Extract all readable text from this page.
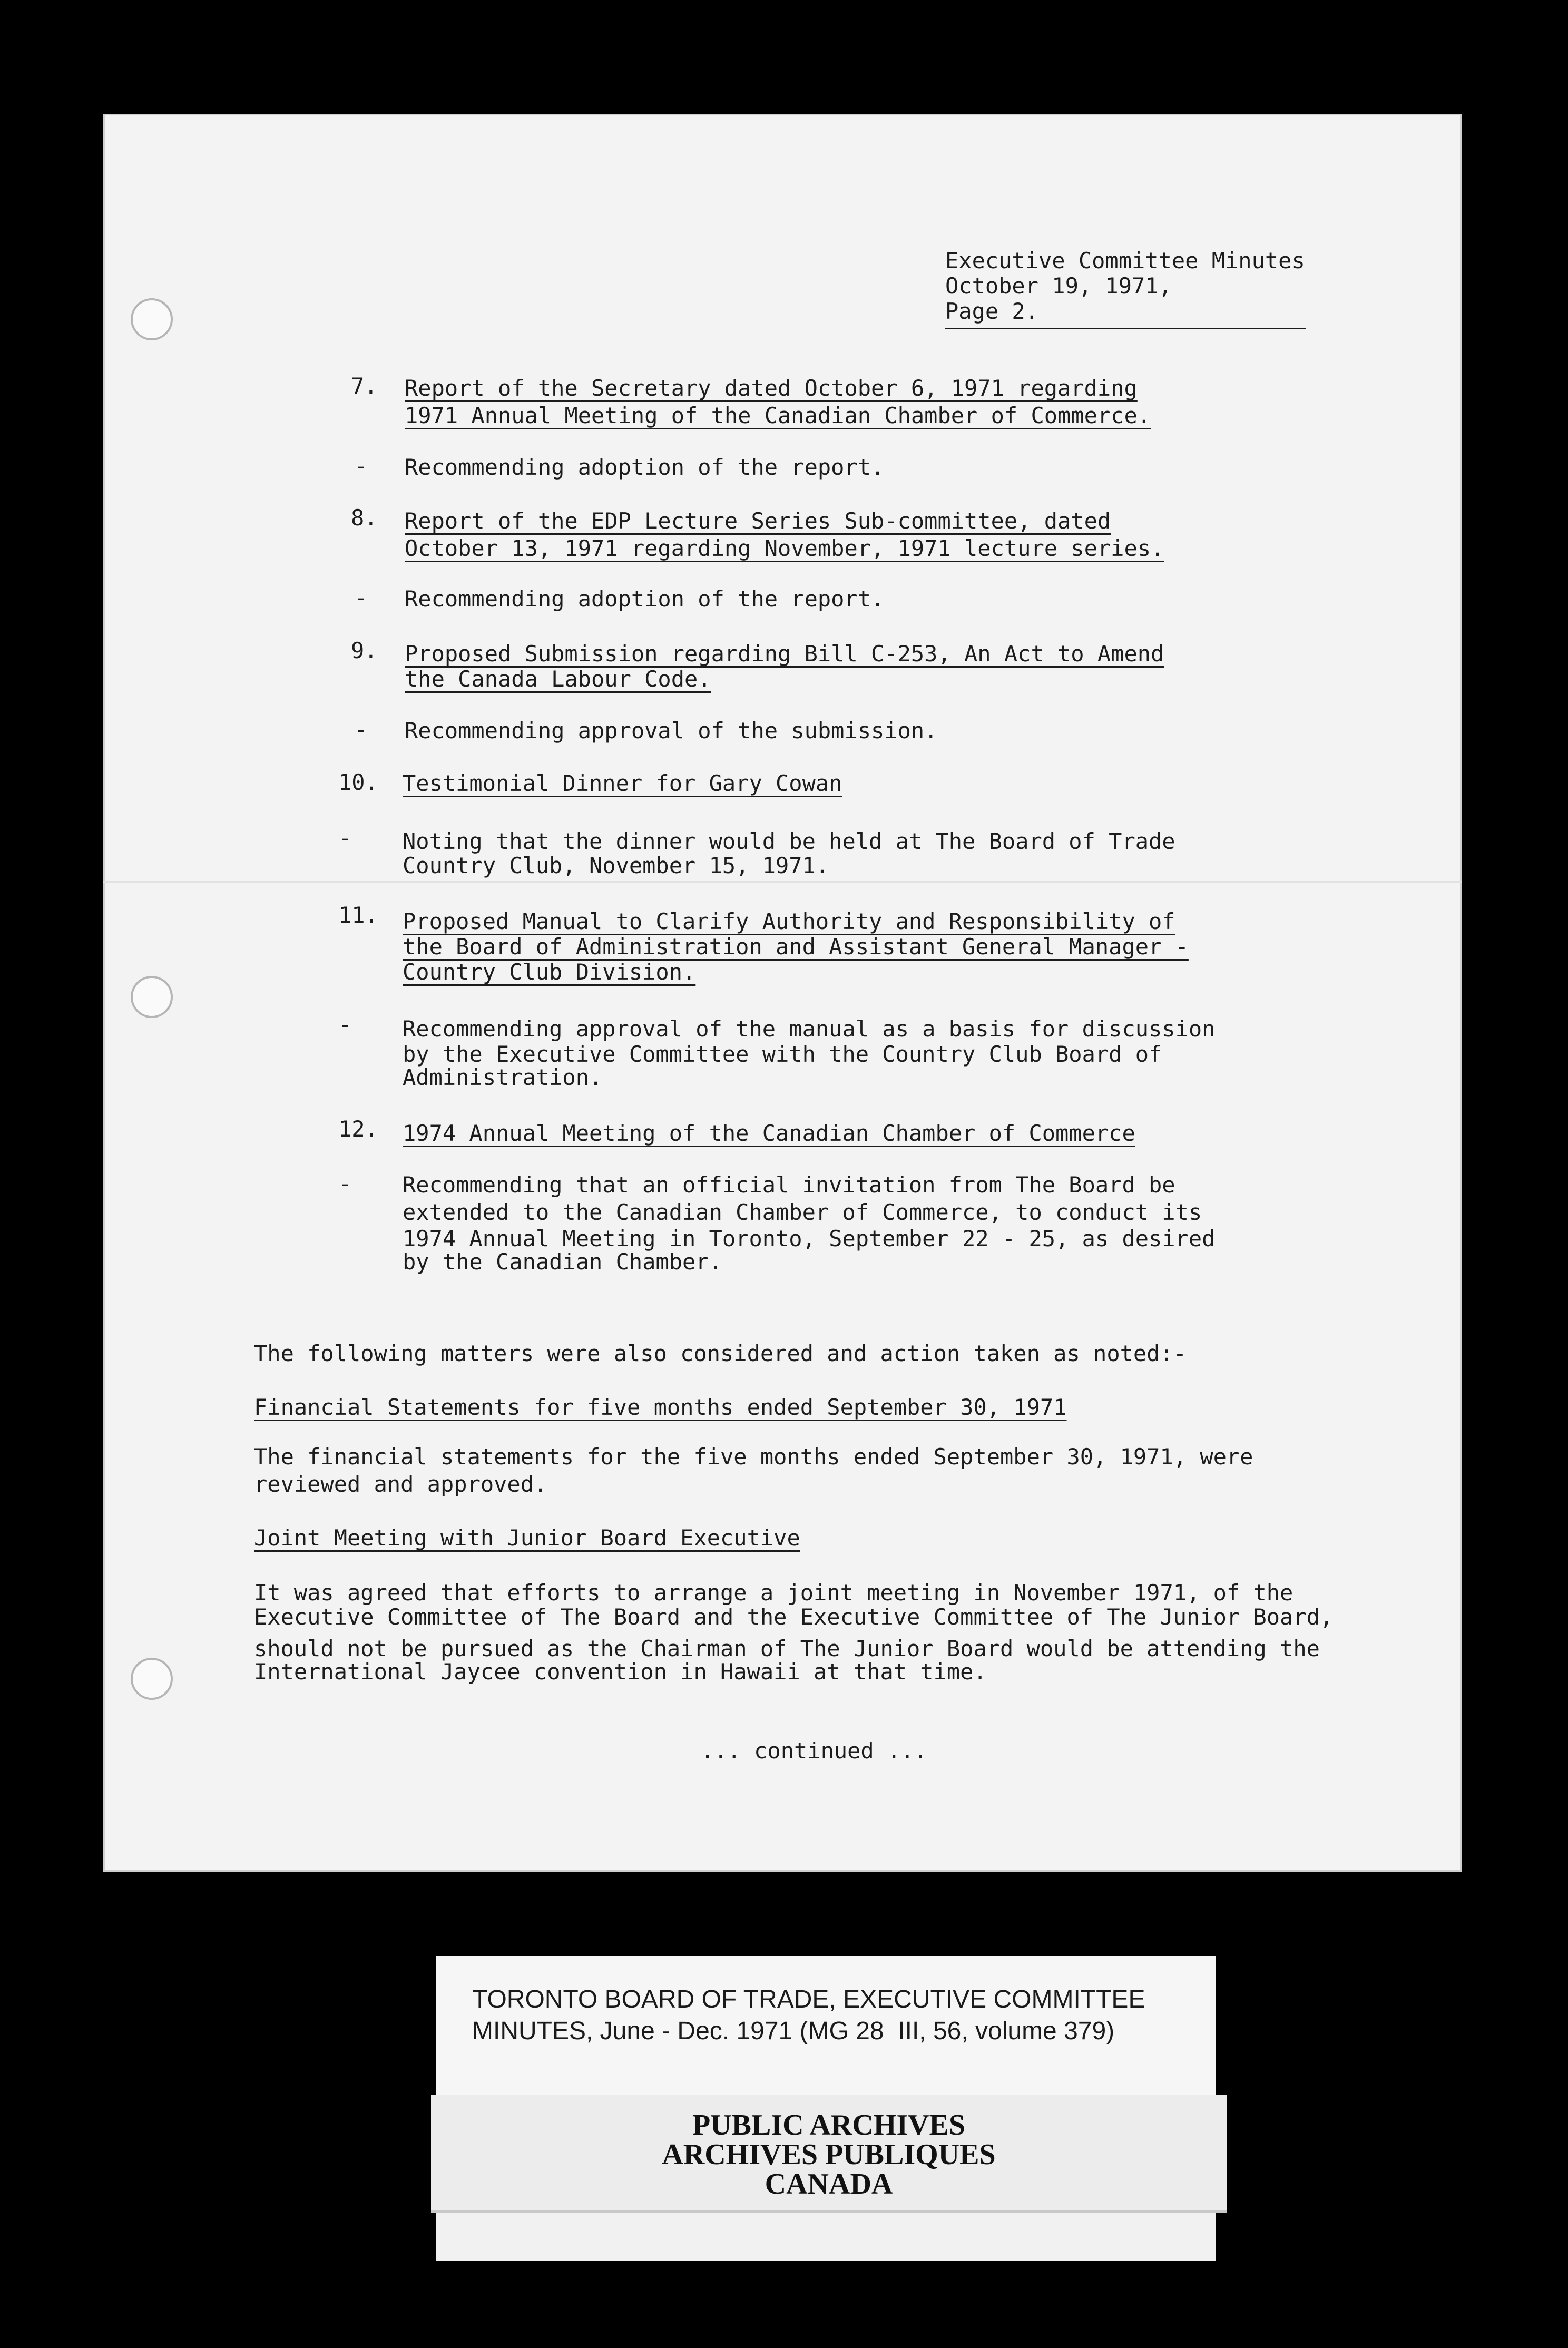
Executive Committee Minutes
October 19, 1971,
Page 2.
7. Report of the Secretary dated October 6, 1971 regarding
1971 Annual Meeting of the Canadian Chamber of Commerce.
- Recommending adoption of the report.
8. Report of the EDP Lecture Series Sub-committee, dated
October 13, 1971 regarding November, 1971 lecture series.
- Recommending adoption of the report.
9. Proposed Submission regarding Bill C-253, An Act to Amend
the Canada Labour Code.
- Recommending approval of the submission.
10. Testimonial Dinner for Gary Cowan
- Noting that the dinner would be held at The Board of Trade
Country Club, November 15, 1971.
11. Proposed Manual to Clarify Authority and Responsibility of
the Board of Administration and Assistant General Manager -
Country Club Division.
- Recommending approval of the manual as a basis for discussion
by the Executive Committee with the Country Club Board of
Administration.
12. 1974 Annual Meeting of the Canadian Chamber of Commerce
- Recommending that an official invitation from The Board be
extended to the Canadian Chamber of Commerce, to conduct its
1974 Annual Meeting in Toronto, September 22 - 25, as desired
by the Canadian Chamber.
The following matters were also considered and action taken as noted:-
Financial Statements for five months ended September 30, 1971
The financial statements for the five months ended September 30, 1971, were
reviewed and approved.
Joint Meeting with Junior Board Executive
It was agreed that efforts to arrange a joint meeting in November 1971, of the
Executive Committee of The Board and the Executive Committee of The Junior Board,
should not be pursued as the Chairman of The Junior Board would be attending the
International Jaycee convention in Hawaii at that time.
... continued ...
TORONTO BOARD OF TRADE, EXECUTIVE COMMITTEE
MINUTES, June - Dec. 1971 (MG 28  III, 56, volume 379)
PUBLIC ARCHIVES
ARCHIVES PUBLIQUES
CANADA
